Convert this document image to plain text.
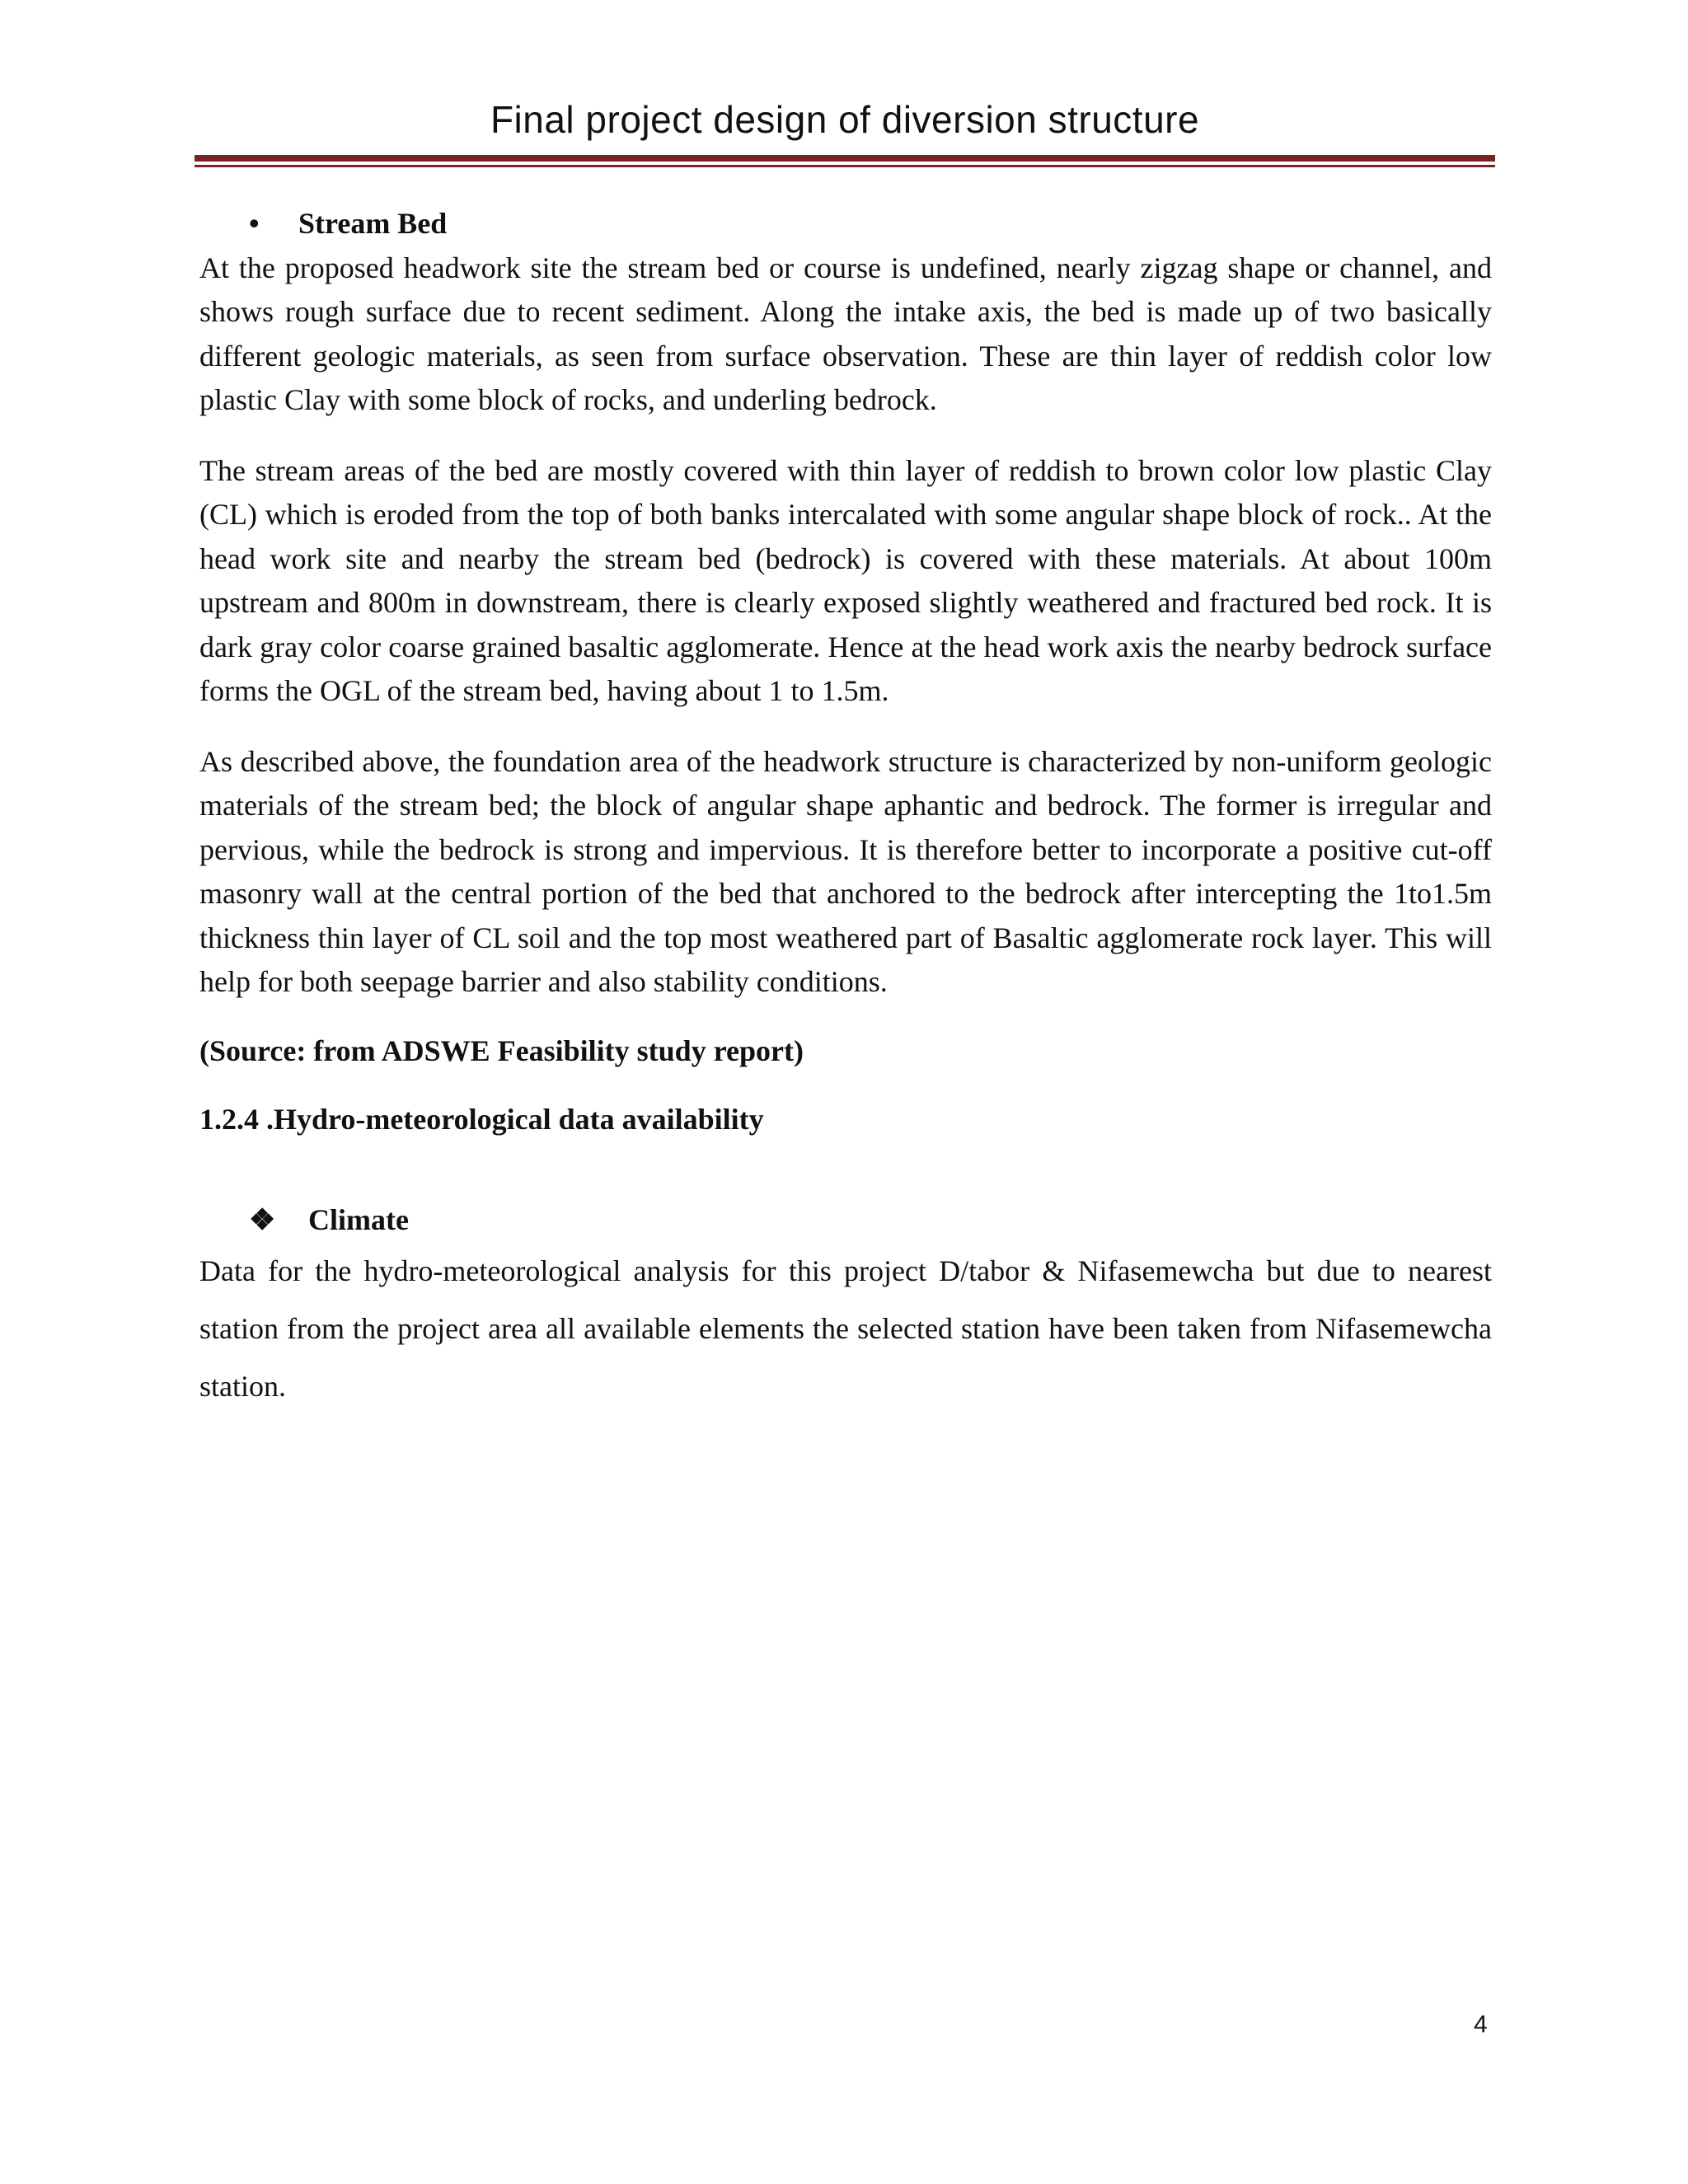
Final project design of diversion structure
•	Stream Bed

At the proposed headwork site the stream bed or course is undefined, nearly zigzag shape or channel, and shows rough surface due to recent sediment. Along the intake axis, the bed is made up of two basically different geologic materials, as seen from surface observation. These are thin layer of reddish color low plastic Clay with some block of rocks, and underling bedrock.

The stream areas of the bed are mostly covered with thin layer of reddish to brown color low plastic Clay (CL) which is eroded from the top of both banks intercalated with some angular shape block of rock.. At the head work site and nearby the stream bed (bedrock) is covered with these materials. At about 100m upstream and 800m in downstream, there is clearly exposed slightly weathered and fractured bed rock. It is dark gray color coarse grained basaltic agglomerate. Hence at the head work axis the nearby bedrock surface forms the OGL of the stream bed, having about 1 to 1.5m.

As described above, the foundation area of the headwork structure is characterized by non-uniform geologic materials of the stream bed; the block of angular shape aphantic and bedrock. The former is irregular and pervious, while the bedrock is strong and impervious. It is therefore better to incorporate a positive cut-off masonry wall at the central portion of the bed that anchored to the bedrock after intercepting the 1to1.5m thickness thin layer of CL soil and the top most weathered part of Basaltic agglomerate rock layer. This will help for both seepage barrier and also stability conditions.

(Source: from ADSWE Feasibility study report)

1.2.4 .Hydro-meteorological data availability

❖ Climate

Data for the hydro-meteorological analysis for this project D/tabor & Nifasemewcha but due to nearest station from the project area all available elements the selected station have been taken from Nifasemewcha station.

4
